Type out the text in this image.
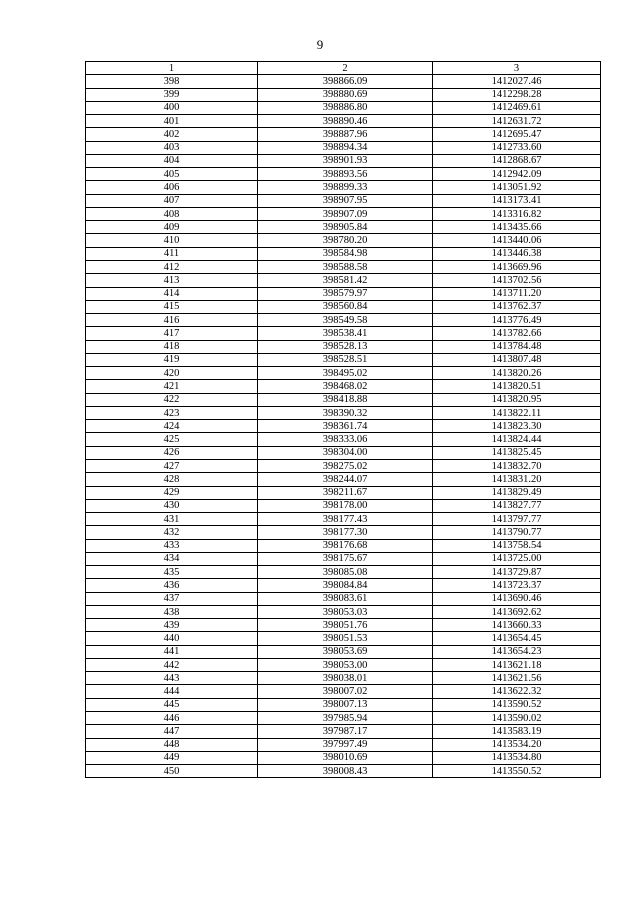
9
1	2	3
398	398866.09	1412027.46
399	398880.69	1412298.28
400	398886.80	1412469.61
401	398890.46	1412631.72
402	398887.96	1412695.47
403	398894.34	1412733.60
404	398901.93	1412868.67
405	398893.56	1412942.09
406	398899.33	1413051.92
407	398907.95	1413173.41
408	398907.09	1413316.82
409	398905.84	1413435.66
410	398780.20	1413440.06
411	398584.98	1413446.38
412	398588.58	1413669.96
413	398581.42	1413702.56
414	398579.97	1413711.20
415	398560.84	1413762.37
416	398549.58	1413776.49
417	398538.41	1413782.66
418	398528.13	1413784.48
419	398528.51	1413807.48
420	398495.02	1413820.26
421	398468.02	1413820.51
422	398418.88	1413820.95
423	398390.32	1413822.11
424	398361.74	1413823.30
425	398333.06	1413824.44
426	398304.00	1413825.45
427	398275.02	1413832.70
428	398244.07	1413831.20
429	398211.67	1413829.49
430	398178.00	1413827.77
431	398177.43	1413797.77
432	398177.30	1413790.77
433	398176.68	1413758.54
434	398175.67	1413725.00
435	398085.08	1413729.87
436	398084.84	1413723.37
437	398083.61	1413690.46
438	398053.03	1413692.62
439	398051.76	1413660.33
440	398051.53	1413654.45
441	398053.69	1413654.23
442	398053.00	1413621.18
443	398038.01	1413621.56
444	398007.02	1413622.32
445	398007.13	1413590.52
446	397985.94	1413590.02
447	397987.17	1413583.19
448	397997.49	1413534.20
449	398010.69	1413534.80
450	398008.43	1413550.52
